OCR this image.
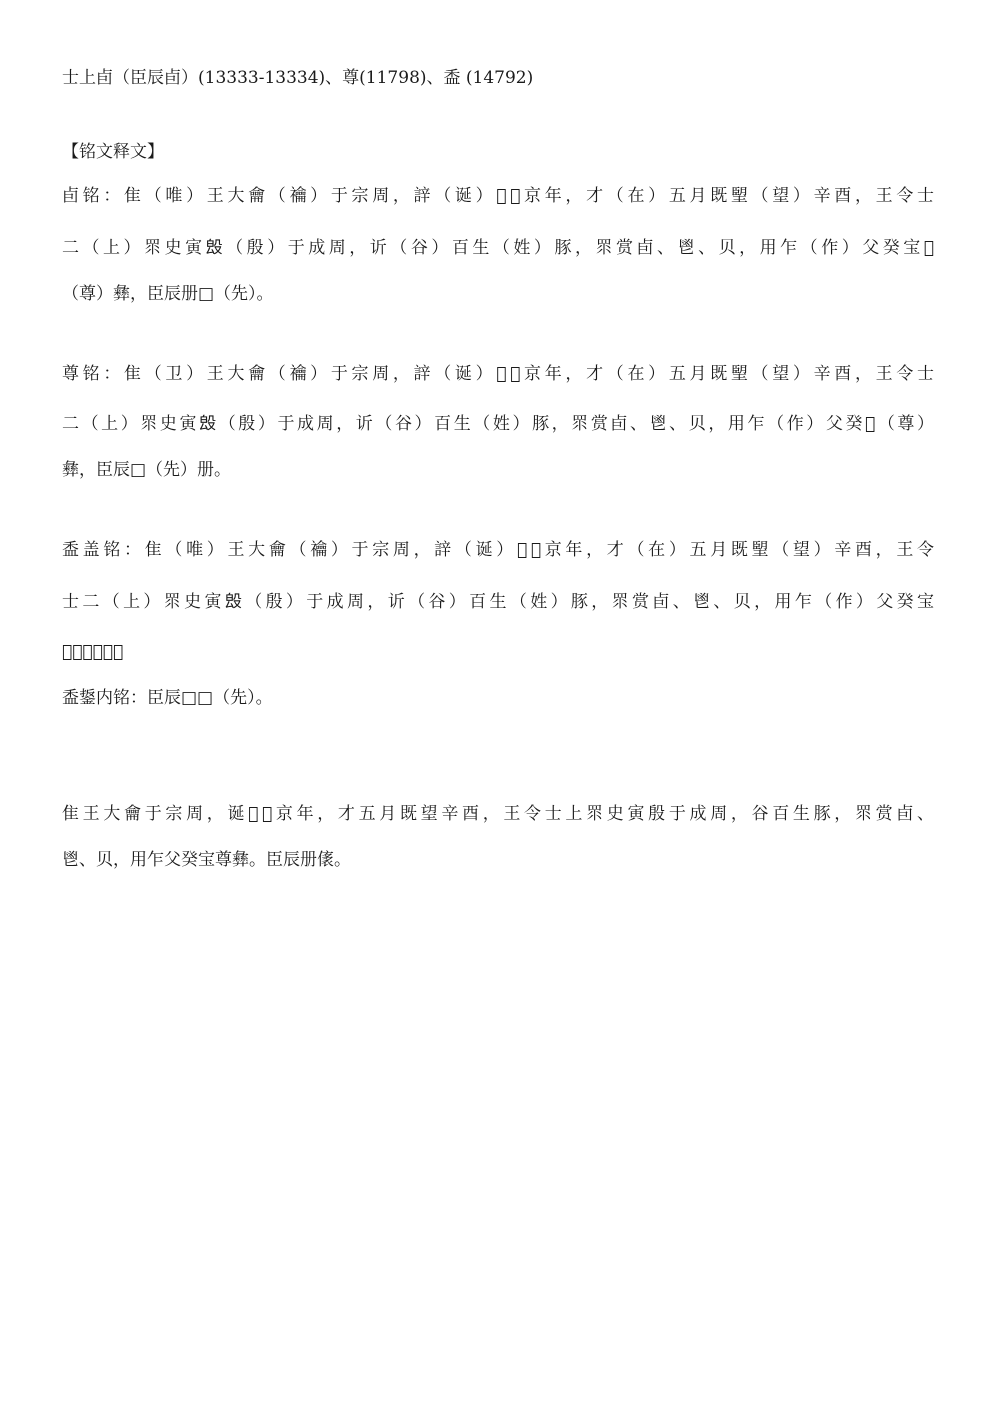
士上卣（臣辰卣）(13333-13334)、尊(11798)、盉 (14792)
【铭文释文】
卣铭：隹（唯）王大龠（禴）于宗周，䛨（诞）𪞷𧫆京年，才（在）五月既朢（望）辛酉，王令士
二（上）眔史寅𣪕（殷）于成周，䜣（谷）百生（姓）豚，眔赏卣、鬯、贝，用乍（作）父癸宝𨽌
（尊）彝，臣辰册□（先）。
尊铭：隹（卫）王大龠（禴）于宗周，䛨（诞）𪞷𧫆京年，才（在）五月既朢（望）辛酉，王令士
二（上）眔史寅𣪕（殷）于成周，䜣（谷）百生（姓）豚，眔赏卣、鬯、贝，用乍（作）父癸𨽌（尊）
彝，臣辰□（先）册。
盉盖铭：隹（唯）王大龠（禴）于宗周，䛨（诞）𪞷𧫆京年，才（在）五月既朢（望）辛酉，王令
士二（上）眔史寅𣪕（殷）于成周，䜣（谷）百生（姓）豚，眔赏卣、鬯、贝，用乍（作）父癸宝
𨽌（尊）彝；
盉鋬内铭：臣辰□□（先）。
隹王大龠于宗周，诞𪞷𧫆京年，才五月既望辛酉，王令士上眔史寅殷于成周，谷百生豚，眔赏卣、
鬯、贝，用乍父癸宝尊彝。臣辰册㒅。
